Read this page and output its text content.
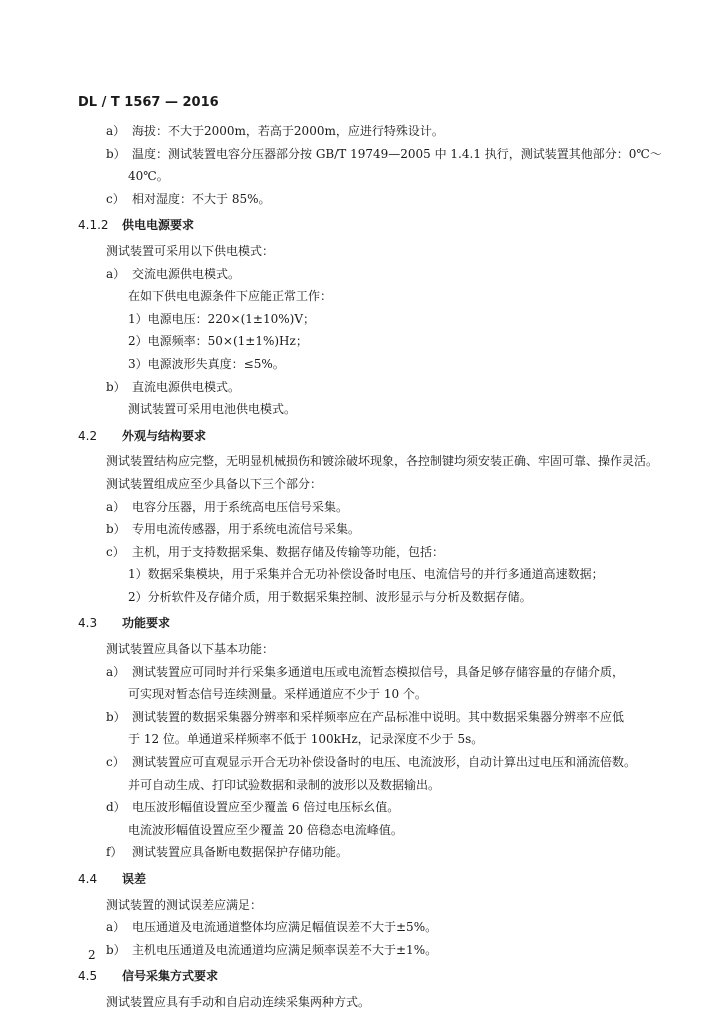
DL / T 1567 — 2016
a） 海拔：不大于2000m，若高于2000m，应进行特殊设计。
b） 温度：测试装置电容分压器部分按 GB/T 19749—2005 中 1.4.1 执行，测试装置其他部分：0℃～
40℃。
c） 相对湿度：不大于 85%。
4.1.2 供电电源要求
测试装置可采用以下供电模式：
a） 交流电源供电模式。
在如下供电电源条件下应能正常工作：
1）电源电压：220×(1±10%)V；
2）电源频率：50×(1±1%)Hz；
3）电源波形失真度：≤5%。
b） 直流电源供电模式。
测试装置可采用电池供电模式。
4.2 外观与结构要求
测试装置结构应完整，无明显机械损伤和镀涂破坏现象，各控制键均须安装正确、牢固可靠、操作灵活。
测试装置组成应至少具备以下三个部分：
a） 电容分压器，用于系统高电压信号采集。
b） 专用电流传感器，用于系统电流信号采集。
c） 主机，用于支持数据采集、数据存储及传输等功能，包括：
1）数据采集模块，用于采集并合无功补偿设备时电压、电流信号的并行多通道高速数据；
2）分析软件及存储介质，用于数据采集控制、波形显示与分析及数据存储。
4.3 功能要求
测试装置应具备以下基本功能：
a） 测试装置应可同时并行采集多通道电压或电流暂态模拟信号，具备足够存储容量的存储介质，
可实现对暂态信号连续测量。采样通道应不少于 10 个。
b） 测试装置的数据采集器分辨率和采样频率应在产品标准中说明。其中数据采集器分辨率不应低
于 12 位。单通道采样频率不低于 100kHz，记录深度不少于 5s。
c） 测试装置应可直观显示开合无功补偿设备时的电压、电流波形，自动计算出过电压和涌流倍数。
并可自动生成、打印试验数据和录制的波形以及数据输出。
d） 电压波形幅值设置应至少覆盖 6 倍过电压标幺值。
电流波形幅值设置应至少覆盖 20 倍稳态电流峰值。
f） 测试装置应具备断电数据保护存储功能。
4.4 误差
测试装置的测试误差应满足：
a） 电压通道及电流通道整体均应满足幅值误差不大于±5%。
b） 主机电压通道及电流通道均应满足频率误差不大于±1%。
4.5 信号采集方式要求
测试装置应具有手动和自启动连续采集两种方式。
2
